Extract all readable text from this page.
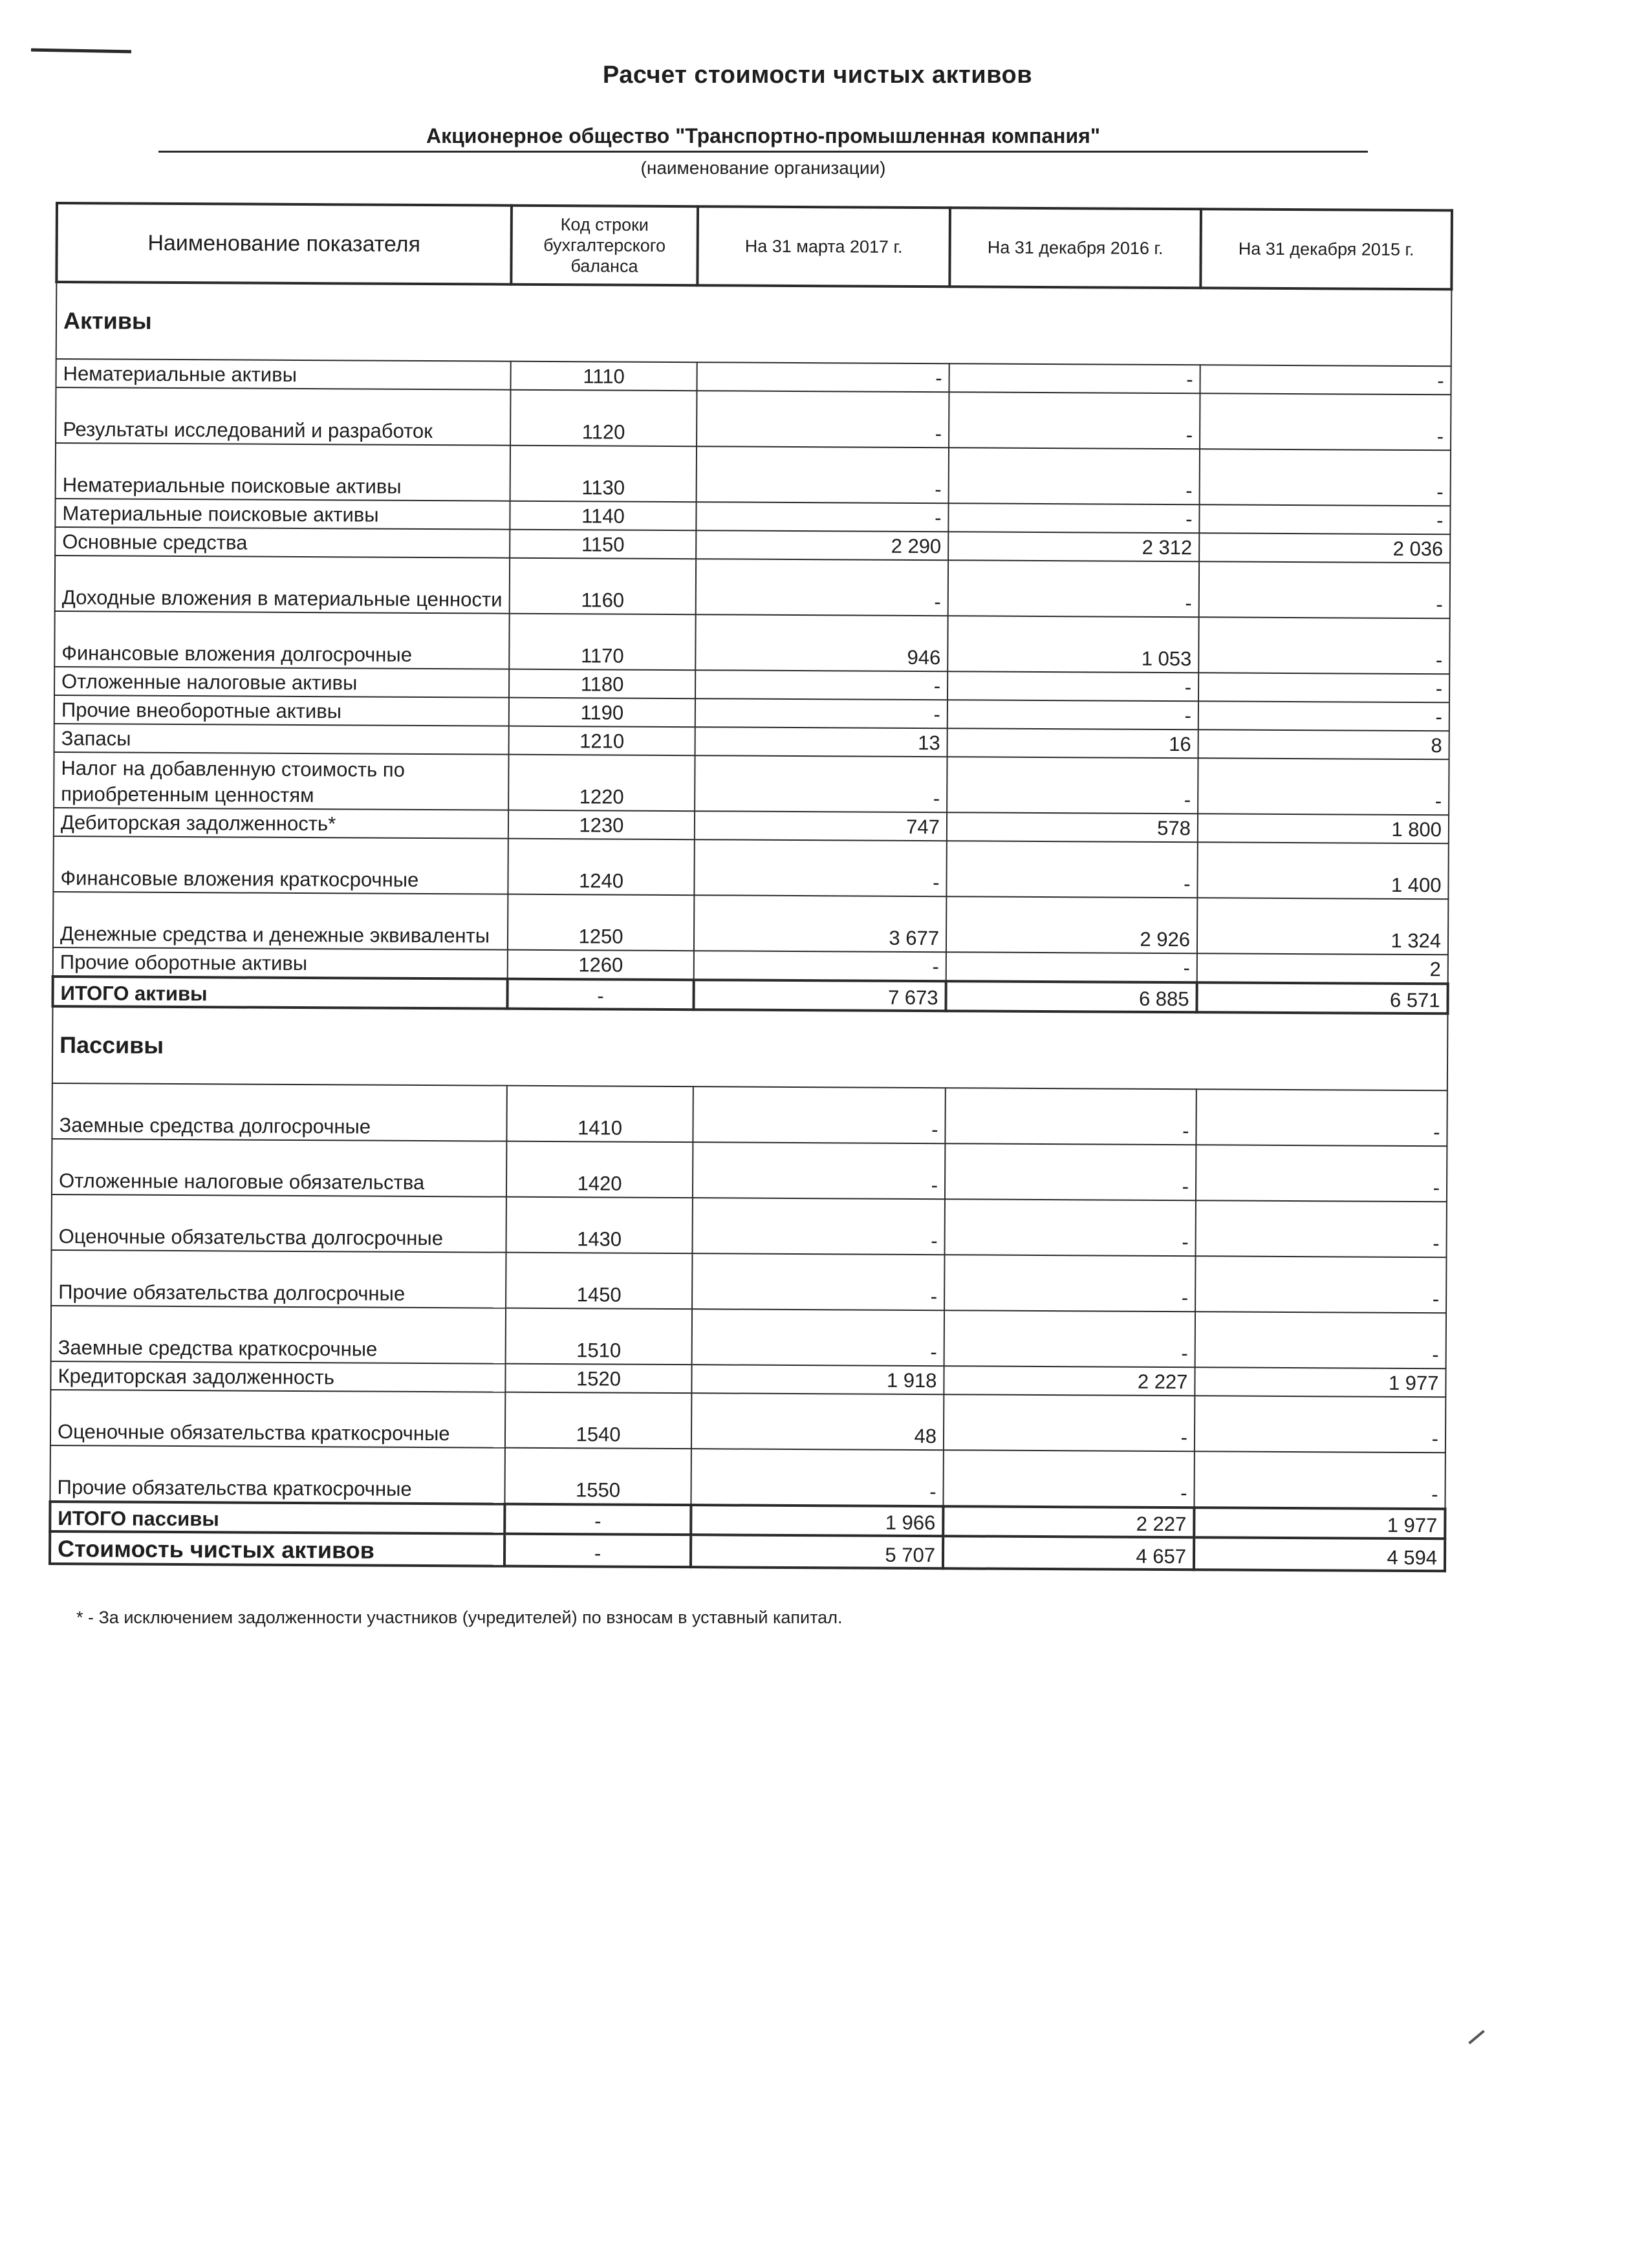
Расчет стоимости чистых активов
Акционерное общество "Транспортно-промышленная компания"
(наименование организации)
Наименование показателя	Код строки бухгалтерского баланса	На 31 марта 2017 г.	На 31 декабря 2016 г.	На 31 декабря 2015 г.
Активы				
Нематериальные активы	1110	-	-	-
Результаты исследований и разработок	1120	-	-	-
Нематериальные поисковые активы	1130	-	-	-
Материальные поисковые активы	1140	-	-	-
Основные средства	1150	2 290	2 312	2 036
Доходные вложения в материальные ценности	1160	-	-	-
Финансовые вложения долгосрочные	1170	946	1 053	-
Отложенные налоговые активы	1180	-	-	-
Прочие внеоборотные активы	1190	-	-	-
Запасы	1210	13	16	8
Налог на добавленную стоимость по приобретенным ценностям	1220	-	-	-
Дебиторская задолженность*	1230	747	578	1 800
Финансовые вложения краткосрочные	1240	-	-	1 400
Денежные средства и денежные эквиваленты	1250	3 677	2 926	1 324
Прочие оборотные активы	1260	-	-	2
ИТОГО активы	-	7 673	6 885	6 571
Пассивы				
Заемные средства долгосрочные	1410	-	-	-
Отложенные налоговые обязательства	1420	-	-	-
Оценочные обязательства долгосрочные	1430	-	-	-
Прочие обязательства долгосрочные	1450	-	-	-
Заемные средства краткосрочные	1510	-	-	-
Кредиторская задолженность	1520	1 918	2 227	1 977
Оценочные обязательства краткосрочные	1540	48	-	-
Прочие обязательства краткосрочные	1550	-	-	-
ИТОГО пассивы	-	1 966	2 227	1 977
Стоимость чистых активов	-	5 707	4 657	4 594
* - За исключением задолженности участников (учредителей) по взносам в уставный капитал.
